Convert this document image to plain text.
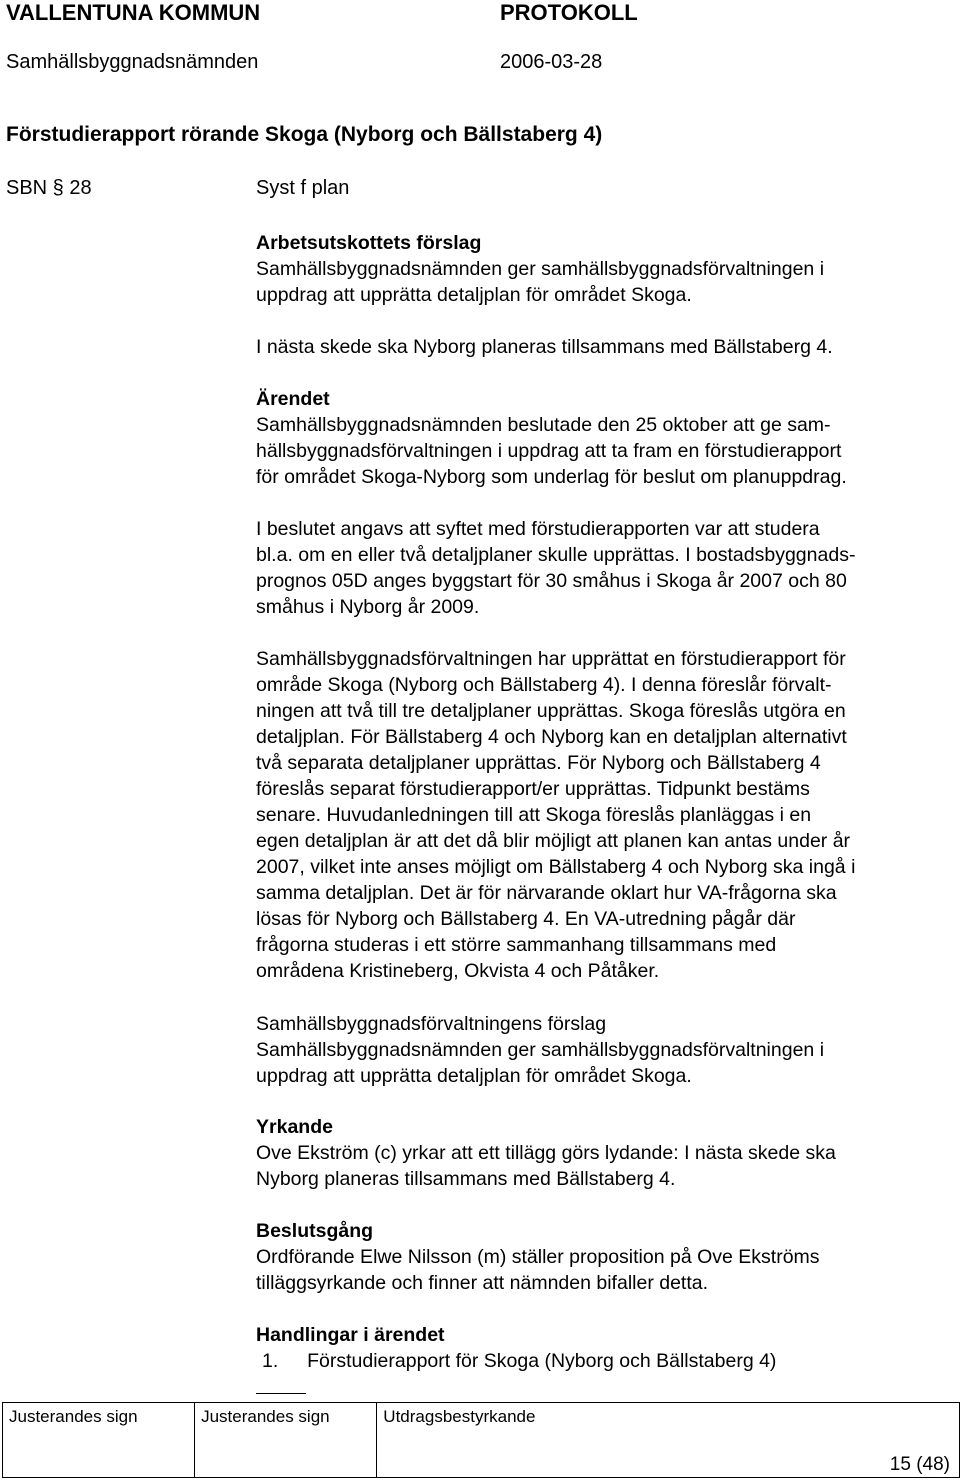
VALLENTUNA KOMMUN	PROTOKOLL
Samhällsbyggnadsnämnden	2006-03-28
Förstudierapport rörande Skoga (Nyborg och Bällstaberg 4)
SBN § 28	Syst f plan
Arbetsutskottets förslag
Samhällsbyggnadsnämnden ger samhällsbyggnadsförvaltningen i
uppdrag att upprätta detaljplan för området Skoga.
I nästa skede ska Nyborg planeras tillsammans med Bällstaberg 4.
Ärendet
Samhällsbyggnadsnämnden beslutade den 25 oktober att ge sam-
hällsbyggnadsförvaltningen i uppdrag att ta fram en förstudierapport
för området Skoga-Nyborg som underlag för beslut om planuppdrag.
I beslutet angavs att syftet med förstudierapporten var att studera
bl.a. om en eller två detaljplaner skulle upprättas. I bostadsbyggnads-
prognos 05D anges byggstart för 30 småhus i Skoga år 2007 och 80
småhus i Nyborg år 2009.
Samhällsbyggnadsförvaltningen har upprättat en förstudierapport för
område Skoga (Nyborg och Bällstaberg 4). I denna föreslår förvalt-
ningen att två till tre detaljplaner upprättas. Skoga föreslås utgöra en
detaljplan. För Bällstaberg 4 och Nyborg kan en detaljplan alternativt
två separata detaljplaner upprättas. För Nyborg och Bällstaberg 4
föreslås separat förstudierapport/er upprättas. Tidpunkt bestäms
senare. Huvudanledningen till att Skoga föreslås planläggas i en
egen detaljplan är att det då blir möjligt att planen kan antas under år
2007, vilket inte anses möjligt om Bällstaberg 4 och Nyborg ska ingå i
samma detaljplan. Det är för närvarande oklart hur VA-frågorna ska
lösas för Nyborg och Bällstaberg 4. En VA-utredning pågår där
frågorna studeras i ett större sammanhang tillsammans med
områdena Kristineberg, Okvista 4 och Påtåker.
Samhällsbyggnadsförvaltningens förslag
Samhällsbyggnadsnämnden ger samhällsbyggnadsförvaltningen i
uppdrag att upprätta detaljplan för området Skoga.
Yrkande
Ove Ekström (c) yrkar att ett tillägg görs lydande: I nästa skede ska
Nyborg planeras tillsammans med Bällstaberg 4.
Beslutsgång
Ordförande Elwe Nilsson (m) ställer proposition på Ove Ekströms
tilläggsyrkande och finner att nämnden bifaller detta.
Handlingar i ärendet
1. Förstudierapport för Skoga (Nyborg och Bällstaberg 4)
Justerandes sign	Justerandes sign	Utdragsbestyrkande
15 (48)
